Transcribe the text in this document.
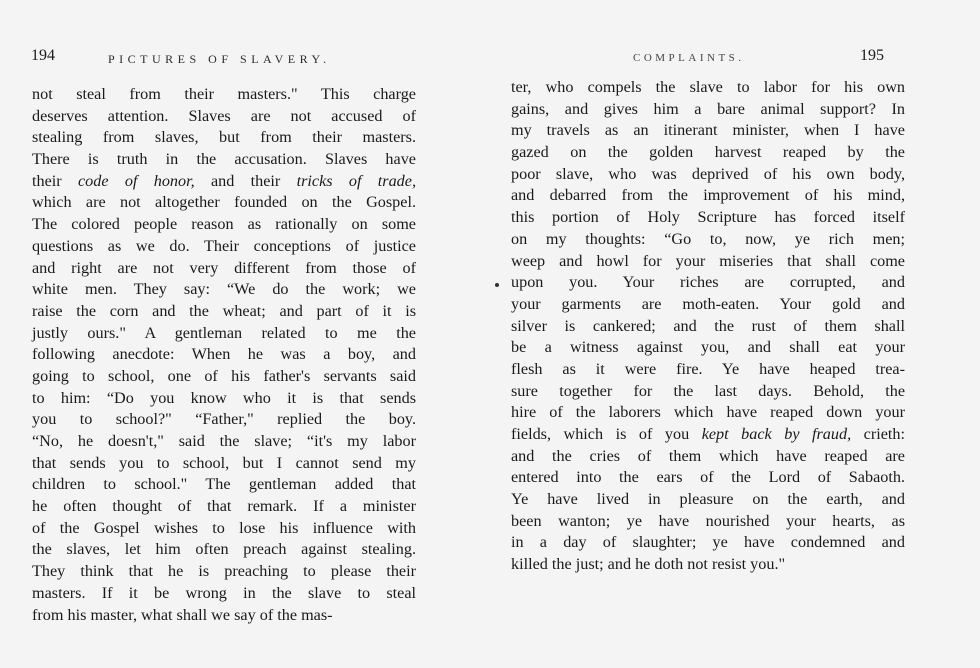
194	PICTURES OF SLAVERY.
not steal from their masters." This charge
deserves attention. Slaves are not accused of
stealing from slaves, but from their masters.
There is truth in the accusation. Slaves have
their code of honor, and their tricks of trade,
which are not altogether founded on the Gospel.
The colored people reason as rationally on some
questions as we do. Their conceptions of justice
and right are not very different from those of
white men. They say: “We do the work; we
raise the corn and the wheat; and part of it is
justly ours." A gentleman related to me the
following anecdote: When he was a boy, and
going to school, one of his father's servants said
to him: “Do you know who it is that sends
you to school?" “Father," replied the boy.
“No, he doesn't," said the slave; “it's my labor
that sends you to school, but I cannot send my
children to school." The gentleman added that
he often thought of that remark. If a minister
of the Gospel wishes to lose his influence with
the slaves, let him often preach against stealing.
They think that he is preaching to please their
masters. If it be wrong in the slave to steal
from his master, what shall we say of the mas-
COMPLAINTS.	195
ter, who compels the slave to labor for his own
gains, and gives him a bare animal support? In
my travels as an itinerant minister, when I have
gazed on the golden harvest reaped by the
poor slave, who was deprived of his own body,
and debarred from the improvement of his mind,
this portion of Holy Scripture has forced itself
on my thoughts: “Go to, now, ye rich men;
weep and howl for your miseries that shall come
upon you. Your riches are corrupted, and
your garments are moth-eaten. Your gold and
silver is cankered; and the rust of them shall
be a witness against you, and shall eat your
flesh as it were fire. Ye have heaped trea-
sure together for the last days. Behold, the
hire of the laborers which have reaped down your
fields, which is of you kept back by fraud, crieth:
and the cries of them which have reaped are
entered into the ears of the Lord of Sabaoth.
Ye have lived in pleasure on the earth, and
been wanton; ye have nourished your hearts, as
in a day of slaughter; ye have condemned and
killed the just; and he doth not resist you."
